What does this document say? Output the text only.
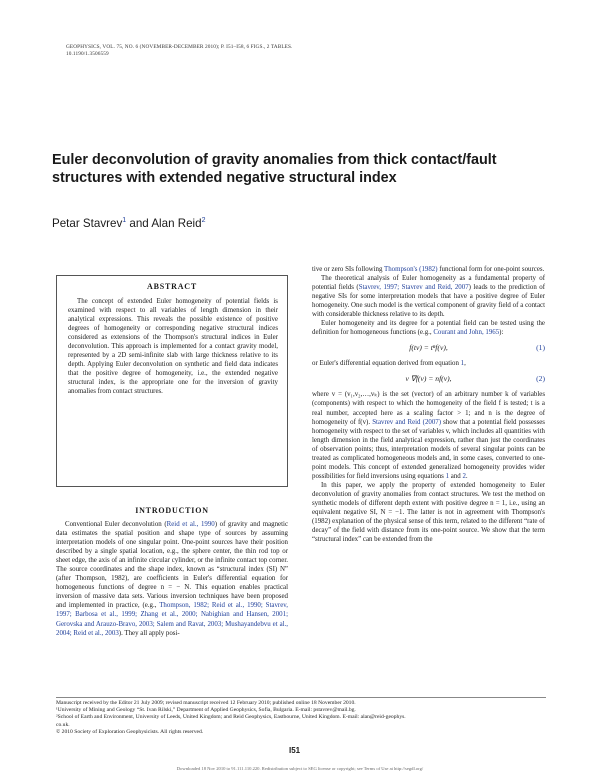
GEOPHYSICS, VOL. 75, NO. 6 (NOVEMBER-DECEMBER 2010); P. I51–I58, 6 FIGS., 2 TABLES.
10.1190/1.3506559
Euler deconvolution of gravity anomalies from thick contact/fault structures with extended negative structural index
Petar Stavrev$^1$ and Alan Reid$^2$
ABSTRACT

The concept of extended Euler homogeneity of potential fields is examined with respect to all variables of length dimension in their analytical expressions. This reveals the possible existence of positive degrees of homogeneity or corresponding negative structural indices considered as extensions of the Thompson's structural indices in Euler deconvolution. This approach is implemented for a contact gravity model, represented by a 2D semi-infinite slab with large thickness relative to its depth. Applying Euler deconvolution on synthetic and field data indicates that the positive degree of homogeneity, i.e., the extended negative structural index, is the appropriate one for the inversion of gravity anomalies from contact structures.

INTRODUCTION

Conventional Euler deconvolution (Reid et al., 1990) of gravity and magnetic data estimates the spatial position and shape type of sources by assuming interpretation models of one singular point. One-point sources have their position described by a single spatial location, e.g., the sphere center, the thin rod top or sheet edge, the axis of an infinite circular cylinder, or the infinite contact top corner. The source coordinates and the shape index, known as “structural index (SI) N” (after Thompson, 1982), are coefficients in Euler's differential equation for homogeneous functions of degree n = − N. This equation enables practical inversion of massive data sets. Various inversion techniques have been proposed and implemented in practice, (e.g., Thompson, 1982; Reid et al., 1990; Stavrev, 1997; Barbosa et al., 1999; Zhang et al., 2000; Nabighian and Hansen, 2001; Gerovska and Arauzo-Bravo, 2003; Salem and Ravat, 2003; Mushayandebvu et al., 2004; Reid et al., 2003). They all apply posi-

tive or zero SIs following Thompson's (1982) functional form for one-point sources.

The theoretical analysis of Euler homogeneity as a fundamental property of potential fields (Stavrev, 1997; Stavrev and Reid, 2007) leads to the prediction of negative SIs for some interpretation models that have a positive degree of Euler homogeneity. One such model is the vertical component of gravity field of a contact with considerable thickness relative to its depth.

Euler homogeneity and its degree for a potential field can be tested using the definition for homogeneous functions (e.g., Courant and John, 1965):

f(tv) = tⁿf(v),	(1)

or Euler's differential equation derived from equation 1,

v ∇f(v) = nf(v),	(2)

where v = (v₁,v₂,…,vₖ) is the set (vector) of an arbitrary number k of variables (components) with respect to which the homogeneity of the field f is tested; t is a real number, accepted here as a scaling factor > 1; and n is the degree of homogeneity of f(v). Stavrev and Reid (2007) show that a potential field possesses homogeneity with respect to the set of variables v, which includes all quantities with length dimension in the field analytical expression, rather than just the coordinates of observation points; thus, interpretation models of several singular points can be treated as complicated homogeneous models and, in some cases, converted to one-point models. This concept of extended generalized homogeneity provides wider possibilities for field inversions using equations 1 and 2.

In this paper, we apply the property of extended homogeneity to Euler deconvolution of gravity anomalies from contact structures. We test the method on synthetic models of different depth extent with positive degree n = 1, i.e., using an equivalent negative SI, N = −1. The latter is not in agreement with Thompson's (1982) explanation of the physical sense of this term, related to the different “rate of decay” of the field with distance from its one-point source. We show that the term “structural index” can be extended from the

Manuscript received by the Editor 21 July 2009; revised manuscript received 12 February 2010; published online 18 November 2010.
¹University of Mining and Geology “St. Ivan Rilski,” Department of Applied Geophysics, Sofia, Bulgaria. E-mail: pstavrev@mail.bg.
²School of Earth and Environment, University of Leeds, United Kingdom; and Reid Geophysics, Eastbourne, United Kingdom. E-mail: alan@reid-geophys.
co.uk.
© 2010 Society of Exploration Geophysicists. All rights reserved.
I51
Downloaded 18 Nov 2010 to 91.111.110.220. Redistribution subject to SEG license or copyright; see Terms of Use at http://segdl.org/
